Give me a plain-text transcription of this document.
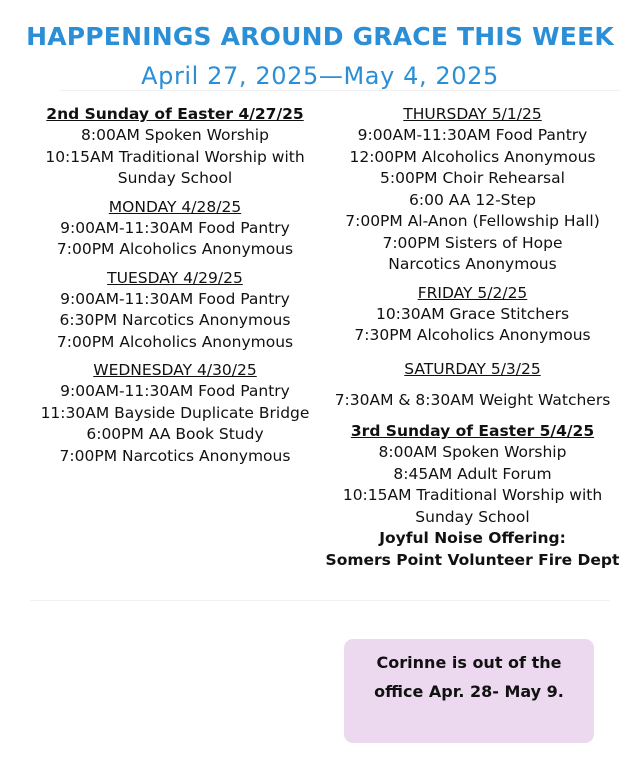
HAPPENINGS AROUND GRACE THIS WEEK
April 27, 2025—May 4, 2025
2nd Sunday of Easter 4/27/25
8:00AM Spoken Worship
10:15AM Traditional Worship with
Sunday School
MONDAY 4/28/25
9:00AM-11:30AM Food Pantry
7:00PM Alcoholics Anonymous
TUESDAY 4/29/25
9:00AM-11:30AM Food Pantry
6:30PM Narcotics Anonymous
7:00PM Alcoholics Anonymous
WEDNESDAY 4/30/25
9:00AM-11:30AM Food Pantry
11:30AM Bayside Duplicate Bridge
6:00PM AA Book Study
7:00PM Narcotics Anonymous
THURSDAY 5/1/25
9:00AM-11:30AM Food Pantry
12:00PM Alcoholics Anonymous
5:00PM Choir Rehearsal
6:00 AA 12-Step
7:00PM Al-Anon (Fellowship Hall)
7:00PM Sisters of Hope
Narcotics Anonymous
FRIDAY 5/2/25
10:30AM Grace Stitchers
7:30PM Alcoholics Anonymous
SATURDAY 5/3/25
7:30AM & 8:30AM Weight Watchers
3rd Sunday of Easter 5/4/25
8:00AM Spoken Worship
8:45AM Adult Forum
10:15AM Traditional Worship with
Sunday School
Joyful Noise Offering:
Somers Point Volunteer Fire Dept
Corinne is out of the
office Apr. 28- May 9.
